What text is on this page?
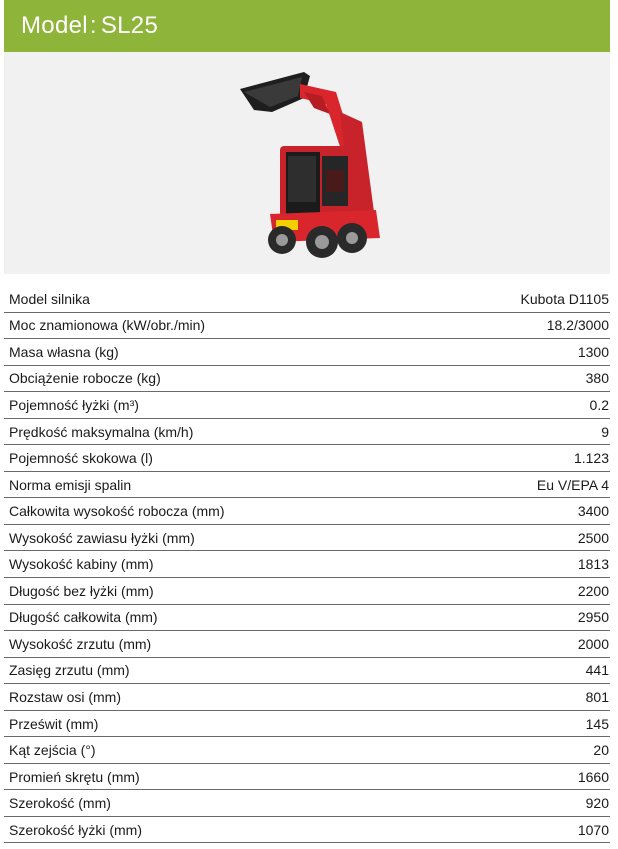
Model: SL25
Model silnika	Kubota D1105
Moc znamionowa (kW/obr./min)	18.2/3000
Masa własna (kg)	1300
Obciążenie robocze (kg)	380
Pojemność łyżki (m³)	0.2
Prędkość maksymalna (km/h)	9
Pojemność skokowa (l)	1.123
Norma emisji spalin	Eu V/EPA 4
Całkowita wysokość robocza (mm)	3400
Wysokość zawiasu łyżki (mm)	2500
Wysokość kabiny (mm)	1813
Długość bez łyżki (mm)	2200
Długość całkowita (mm)	2950
Wysokość zrzutu (mm)	2000
Zasięg zrzutu (mm)	441
Rozstaw osi (mm)	801
Prześwit (mm)	145
Kąt zejścia (°)	20
Promień skrętu (mm)	1660
Szerokość (mm)	920
Szerokość łyżki (mm)	1070
